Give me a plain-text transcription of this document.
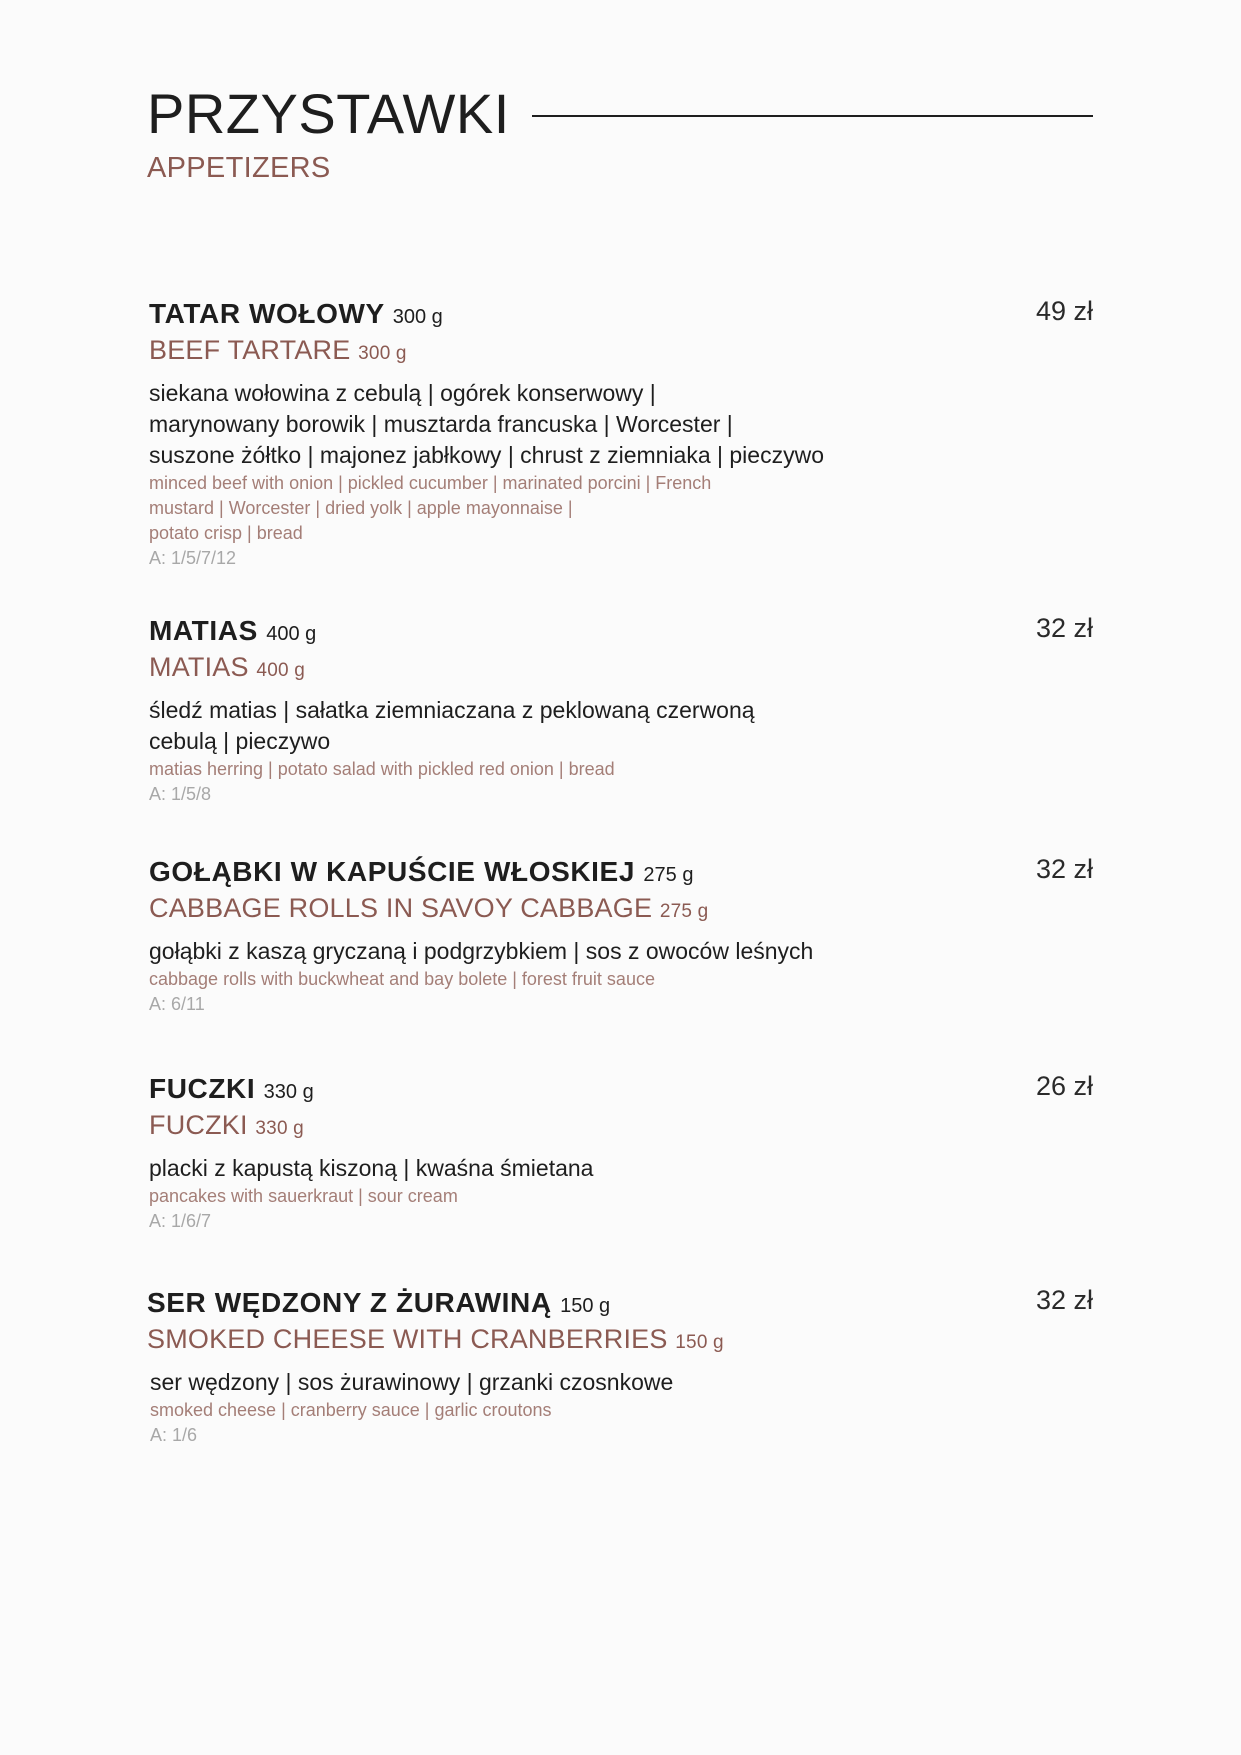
PRZYSTAWKI
APPETIZERS
TATAR WOŁOWY 300 g	49 zł
BEEF TARTARE 300 g
siekana wołowina z cebulą | ogórek konserwowy |
marynowany borowik | musztarda francuska | Worcester |
suszone żółtko | majonez jabłkowy | chrust z ziemniaka | pieczywo
minced beef with onion | pickled cucumber | marinated porcini | French
mustard | Worcester | dried yolk | apple mayonnaise |
potato crisp | bread
A: 1/5/7/12
MATIAS 400 g	32 zł
MATIAS 400 g
śledź matias | sałatka ziemniaczana z peklowaną czerwoną
cebulą | pieczywo
matias herring | potato salad with pickled red onion | bread
A: 1/5/8
GOŁĄBKI W KAPUŚCIE WŁOSKIEJ 275 g	32 zł
CABBAGE ROLLS IN SAVOY CABBAGE 275 g
gołąbki z kaszą gryczaną i podgrzybkiem | sos z owoców leśnych
cabbage rolls with buckwheat and bay bolete | forest fruit sauce
A: 6/11
FUCZKI 330 g	26 zł
FUCZKI 330 g
placki z kapustą kiszoną | kwaśna śmietana
pancakes with sauerkraut | sour cream
A: 1/6/7
SER WĘDZONY Z ŻURAWINĄ 150 g	32 zł
SMOKED CHEESE WITH CRANBERRIES 150 g
ser wędzony | sos żurawinowy | grzanki czosnkowe
smoked cheese | cranberry sauce | garlic croutons
A: 1/6
